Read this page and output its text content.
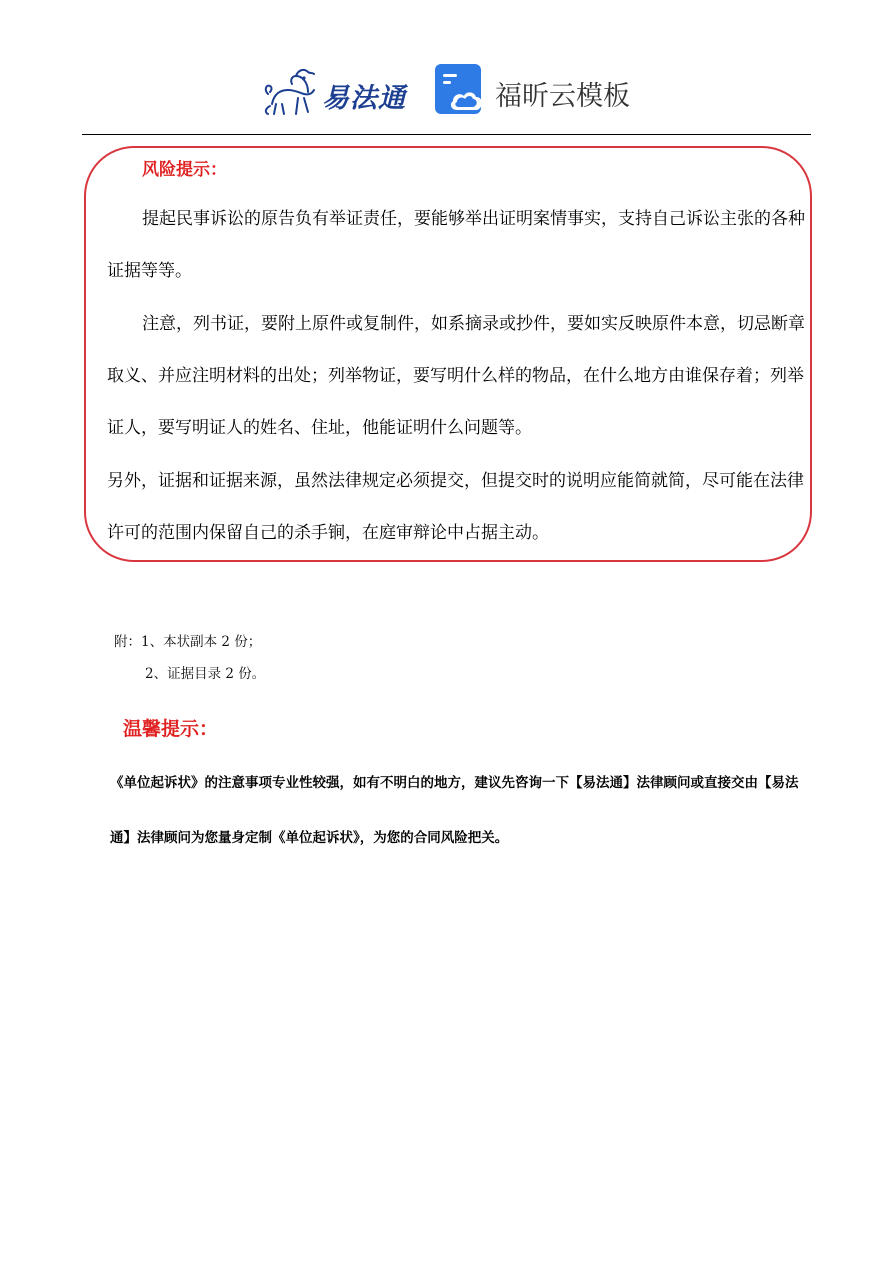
易法通	福昕云模板
风险提示：

提起民事诉讼的原告负有举证责任，要能够举出证明案情事实，支持自己诉讼主张的各种证据等等。

注意，列书证，要附上原件或复制件，如系摘录或抄件，要如实反映原件本意，切忌断章取义、并应注明材料的出处；列举物证，要写明什么样的物品，在什么地方由谁保存着；列举证人，要写明证人的姓名、住址，他能证明什么问题等。

另外，证据和证据来源，虽然法律规定必须提交，但提交时的说明应能简就简，尽可能在法律许可的范围内保留自己的杀手锏，在庭审辩论中占据主动。

附：1、本状副本 2 份；
2、证据目录 2 份。
温馨提示：

《单位起诉状》的注意事项专业性较强，如有不明白的地方，建议先咨询一下【易法通】法律顾问或直接交由【易法通】法律顾问为您量身定制《单位起诉状》，为您的合同风险把关。
